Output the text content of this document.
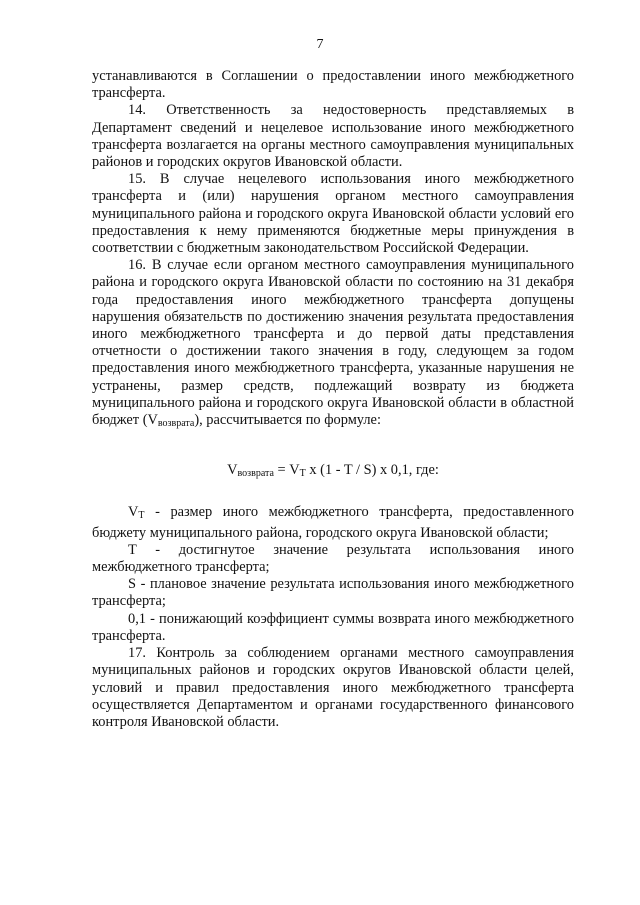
7

устанавливаются в Соглашении о предоставлении иного межбюджетного трансферта.

14. Ответственность за недостоверность представляемых в Департамент сведений и нецелевое использование иного межбюджетного трансферта возлагается на органы местного самоуправления муниципальных районов и городских округов Ивановской области.

15. В случае нецелевого использования иного межбюджетного трансферта и (или) нарушения органом местного самоуправления муниципального района и городского округа Ивановской области условий его предоставления к нему применяются бюджетные меры принуждения в соответствии с бюджетным законодательством Российской Федерации.

16. В случае если органом местного самоуправления муниципального района и городского округа Ивановской области по состоянию на 31 декабря года предоставления иного межбюджетного трансферта допущены нарушения обязательств по достижению значения результата предоставления иного межбюджетного трансферта и до первой даты представления отчетности о достижении такого значения в году, следующем за годом предоставления иного межбюджетного трансферта, указанные нарушения не устранены, размер средств, подлежащий возврату из бюджета муниципального района и городского округа Ивановской области в областной бюджет $(V_{возврата})$, рассчитывается по формуле:

$V_{возврата} = V_T$ x (1 - T / S) x 0,1, где:

$V_T$ - размер иного межбюджетного трансферта, предоставленного бюджету муниципального района, городского округа Ивановской области;

T - достигнутое значение результата использования иного межбюджетного трансферта;

S - плановое значение результата использования иного межбюджетного трансферта;

0,1 - понижающий коэффициент суммы возврата иного межбюджетного трансферта.

17. Контроль за соблюдением органами местного самоуправления муниципальных районов и городских округов Ивановской области целей, условий и правил предоставления иного межбюджетного трансферта осуществляется Департаментом и органами государственного финансового контроля Ивановской области.
